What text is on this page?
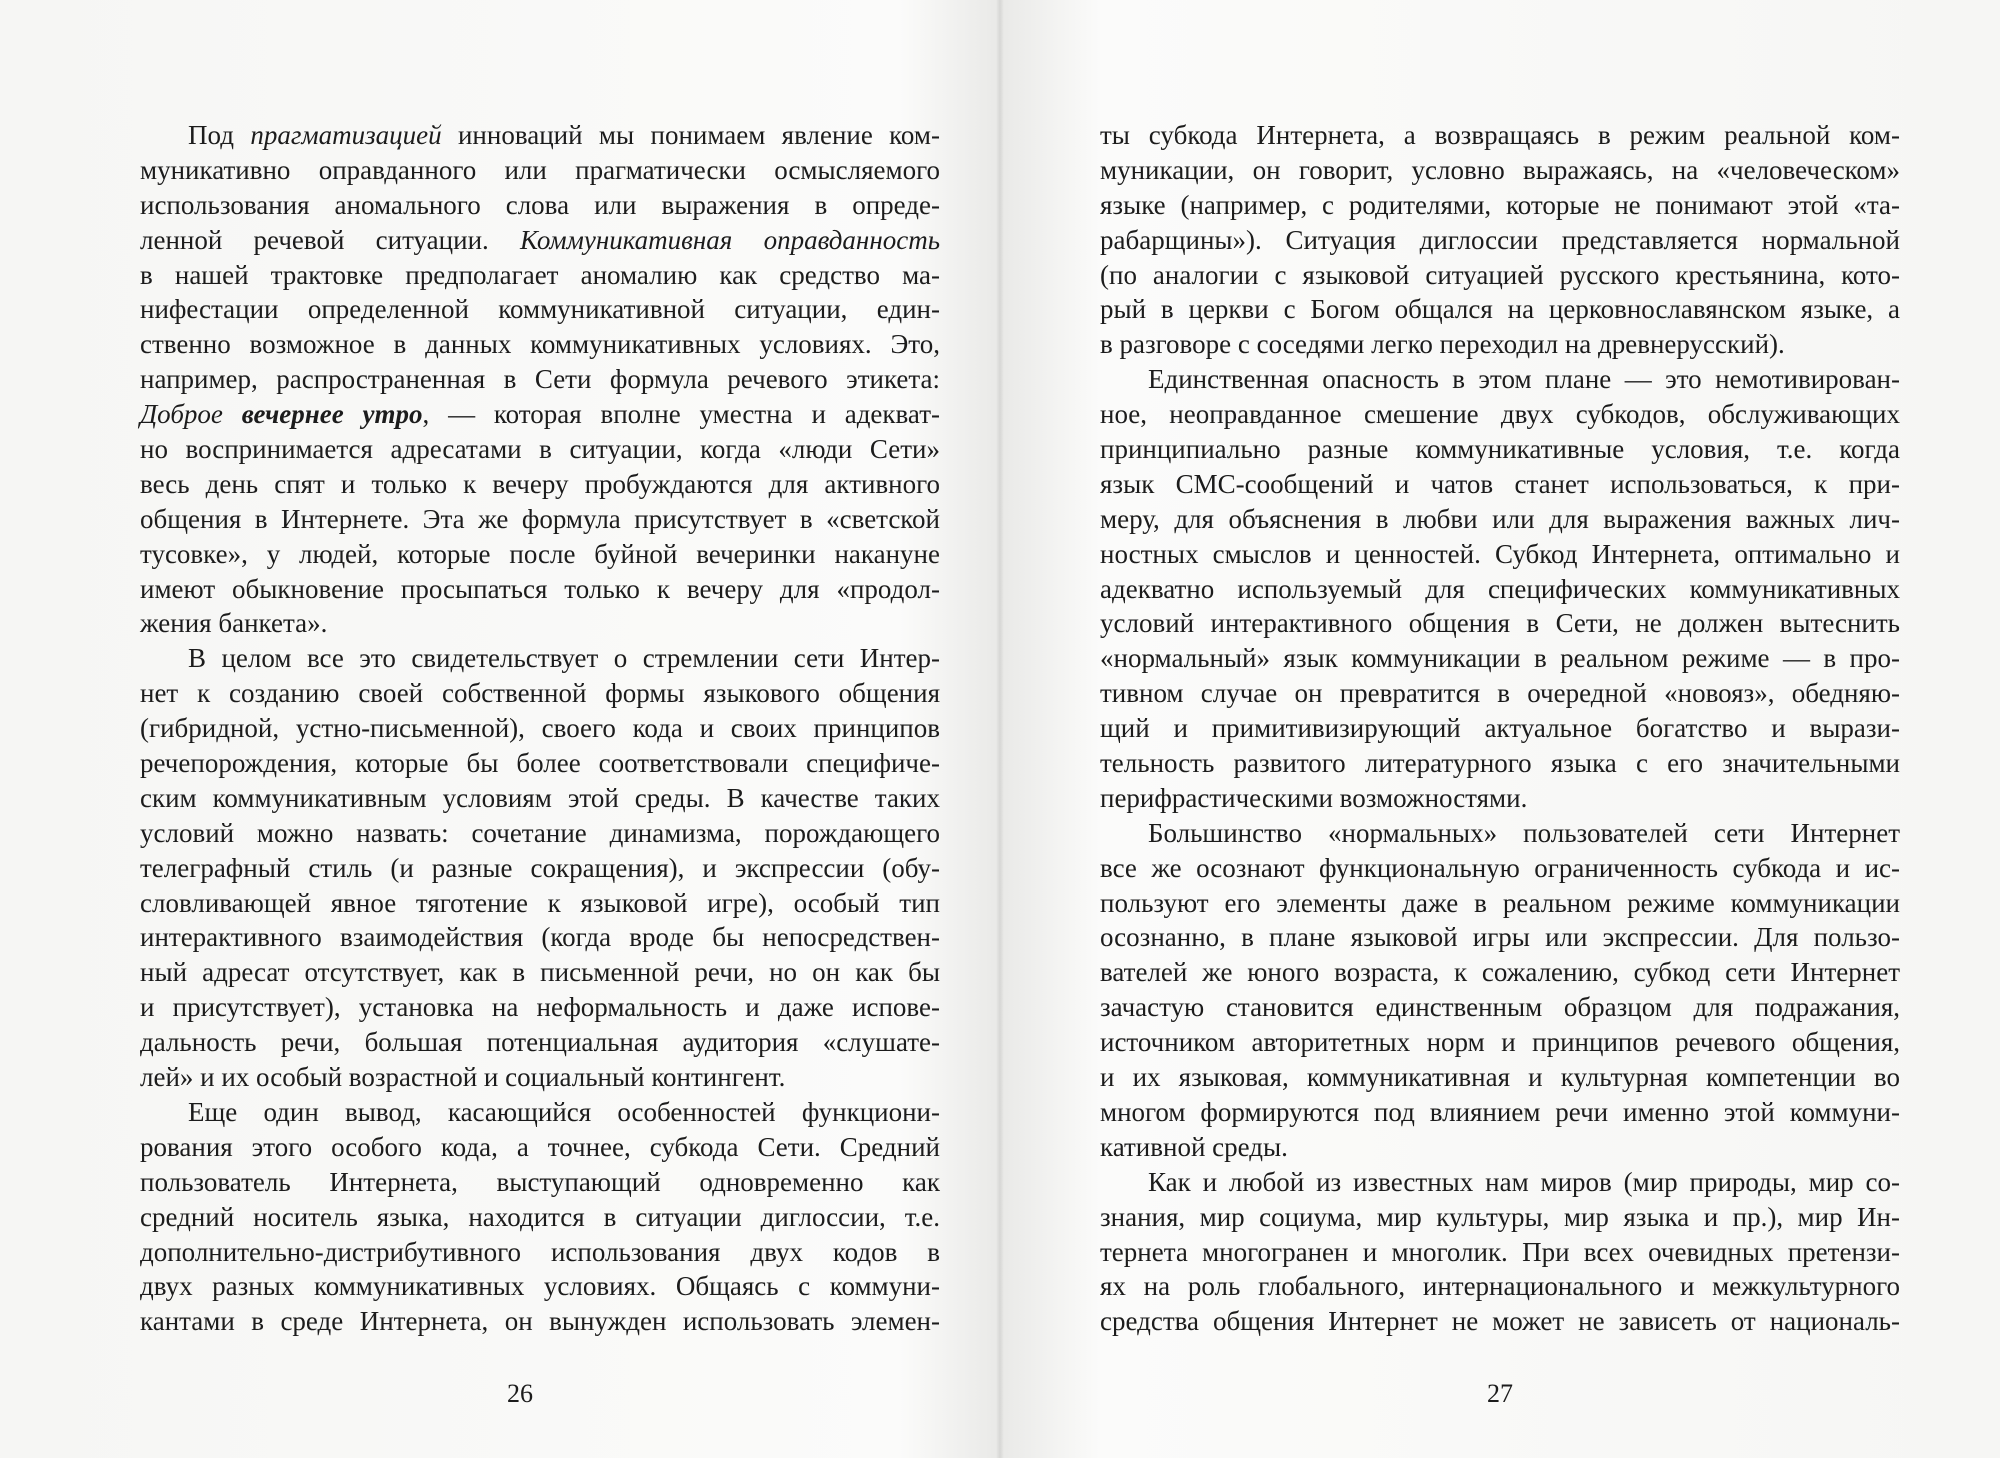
Под прагматизацией инноваций мы понимаем явление ком-
муникативно оправданного или прагматически осмысляемого
использования аномального слова или выражения в опреде-
ленной речевой ситуации. Коммуникативная оправданность
в нашей трактовке предполагает аномалию как средство ма-
нифестации определенной коммуникативной ситуации, един-
ственно возможное в данных коммуникативных условиях. Это,
например, распространенная в Сети формула речевого этикета:
Доброе вечернее утро, — которая вполне уместна и адекват-
но воспринимается адресатами в ситуации, когда «люди Сети»
весь день спят и только к вечеру пробуждаются для активного
общения в Интернете. Эта же формула присутствует в «светской
тусовке», у людей, которые после буйной вечеринки накануне
имеют обыкновение просыпаться только к вечеру для «продол-
жения банкета».
В целом все это свидетельствует о стремлении сети Интер-
нет к созданию своей собственной формы языкового общения
(гибридной, устно-письменной), своего кода и своих принципов
речепорождения, которые бы более соответствовали специфиче-
ским коммуникативным условиям этой среды. В качестве таких
условий можно назвать: сочетание динамизма, порождающего
телеграфный стиль (и разные сокращения), и экспрессии (обу-
словливающей явное тяготение к языковой игре), особый тип
интерактивного взаимодействия (когда вроде бы непосредствен-
ный адресат отсутствует, как в письменной речи, но он как бы
и присутствует), установка на неформальность и даже испове-
дальность речи, большая потенциальная аудитория «слушате-
лей» и их особый возрастной и социальный контингент.
Еще один вывод, касающийся особенностей функциони-
рования этого особого кода, а точнее, субкода Сети. Средний
пользователь Интернета, выступающий одновременно как
средний носитель языка, находится в ситуации диглоссии, т.е.
дополнительно-дистрибутивного использования двух кодов в
двух разных коммуникативных условиях. Общаясь с коммуни-
кантами в среде Интернета, он вынужден использовать элемен-
26
ты субкода Интернета, а возвращаясь в режим реальной ком-
муникации, он говорит, условно выражаясь, на «человеческом»
языке (например, с родителями, которые не понимают этой «та-
рабарщины»). Ситуация диглоссии представляется нормальной
(по аналогии с языковой ситуацией русского крестьянина, кото-
рый в церкви с Богом общался на церковнославянском языке, а
в разговоре с соседями легко переходил на древнерусский).
Единственная опасность в этом плане — это немотивирован-
ное, неоправданное смешение двух субкодов, обслуживающих
принципиально разные коммуникативные условия, т.е. когда
язык СМС-сообщений и чатов станет использоваться, к при-
меру, для объяснения в любви или для выражения важных лич-
ностных смыслов и ценностей. Субкод Интернета, оптимально и
адекватно используемый для специфических коммуникативных
условий интерактивного общения в Сети, не должен вытеснить
«нормальный» язык коммуникации в реальном режиме — в про-
тивном случае он превратится в очередной «новояз», обедняю-
щий и примитивизирующий актуальное богатство и вырази-
тельность развитого литературного языка с его значительными
перифрастическими возможностями.
Большинство «нормальных» пользователей сети Интернет
все же осознают функциональную ограниченность субкода и ис-
пользуют его элементы даже в реальном режиме коммуникации
осознанно, в плане языковой игры или экспрессии. Для пользо-
вателей же юного возраста, к сожалению, субкод сети Интернет
зачастую становится единственным образцом для подражания,
источником авторитетных норм и принципов речевого общения,
и их языковая, коммуникативная и культурная компетенции во
многом формируются под влиянием речи именно этой коммуни-
кативной среды.
Как и любой из известных нам миров (мир природы, мир со-
знания, мир социума, мир культуры, мир языка и пр.), мир Ин-
тернета многогранен и многолик. При всех очевидных претензи-
ях на роль глобального, интернационального и межкультурного
средства общения Интернет не может не зависеть от националь-
27
